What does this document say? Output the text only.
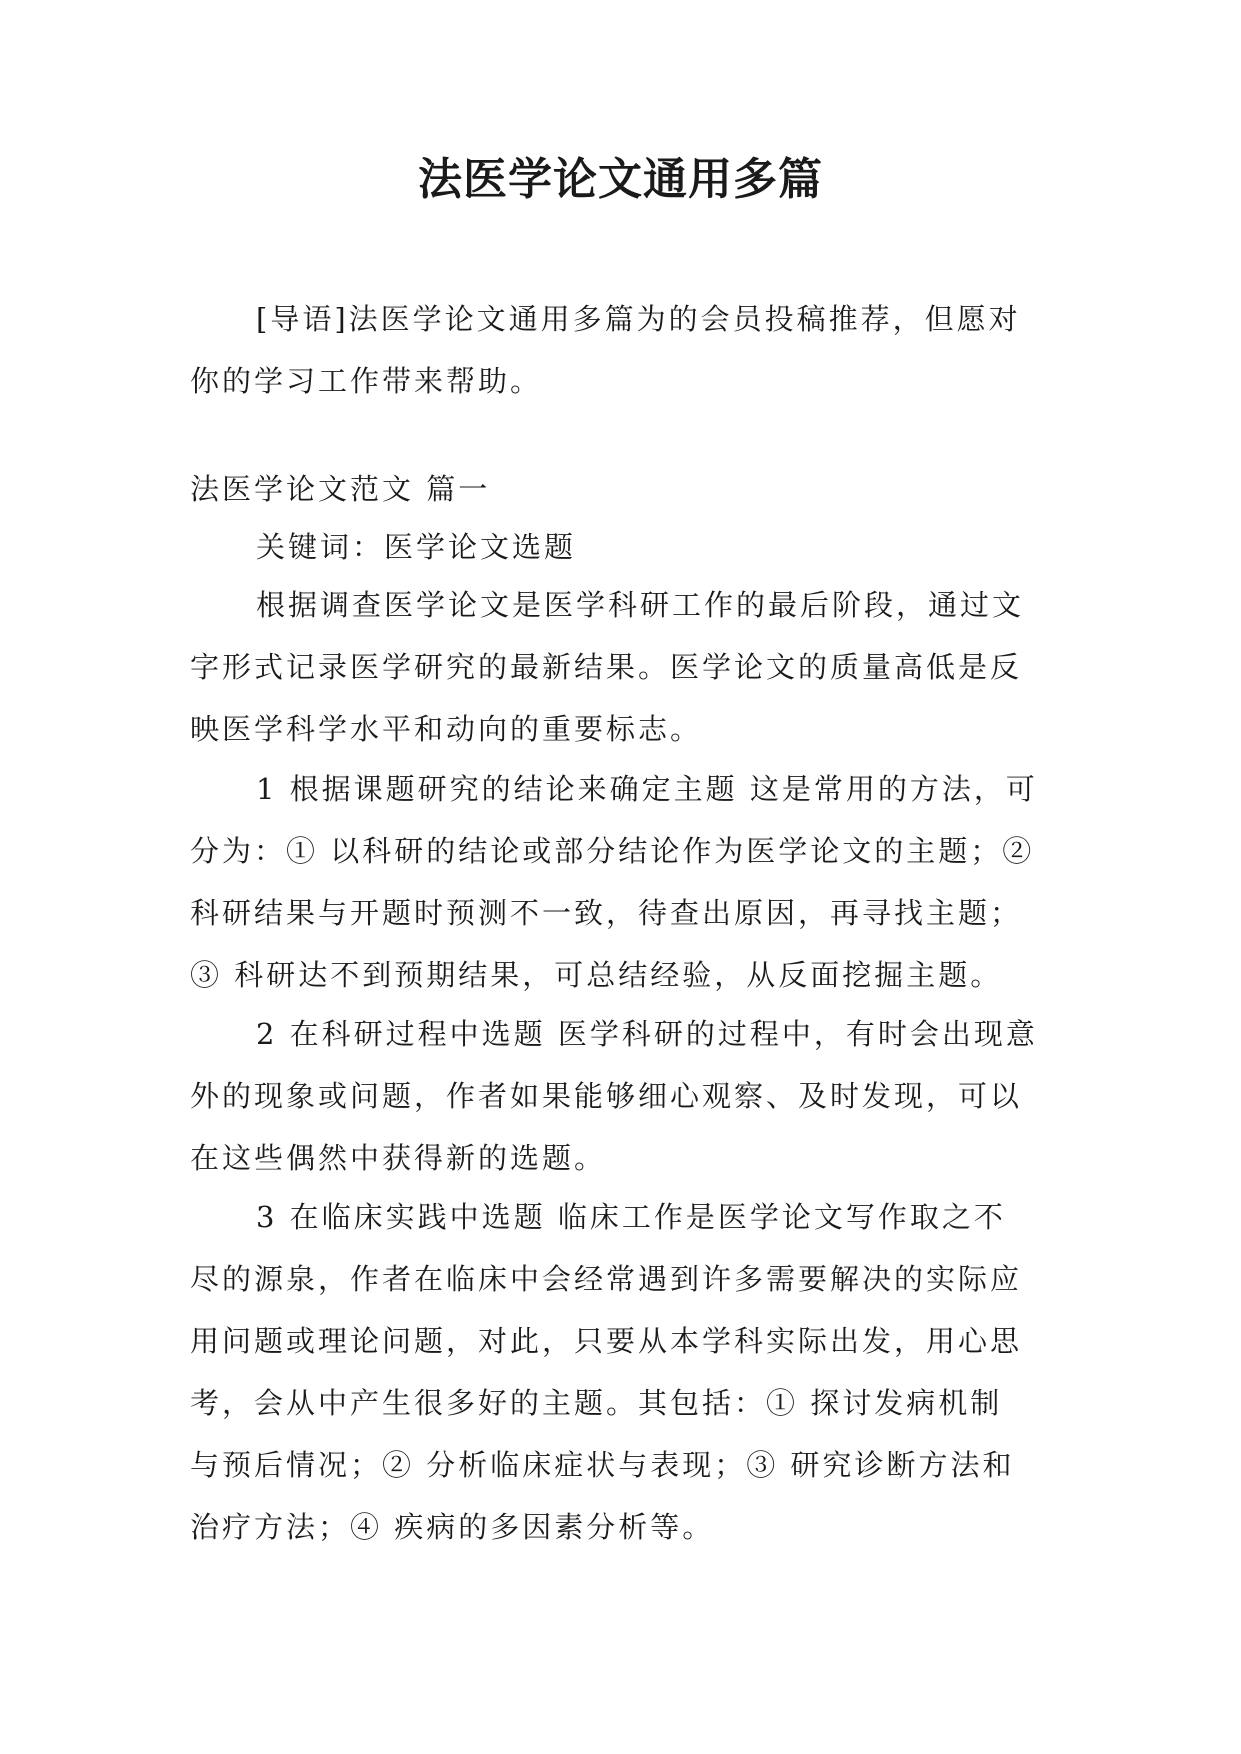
法医学论文通用多篇
[导语]法医学论文通用多篇为的会员投稿推荐，但愿对
你的学习工作带来帮助。
法医学论文范文 篇一
关键词：医学论文选题
根据调查医学论文是医学科研工作的最后阶段，通过文
字形式记录医学研究的最新结果。医学论文的质量高低是反
映医学科学水平和动向的重要标志。
1 根据课题研究的结论来确定主题 这是常用的方法，可
分为：① 以科研的结论或部分结论作为医学论文的主题；②
科研结果与开题时预测不一致，待查出原因，再寻找主题；
③ 科研达不到预期结果，可总结经验，从反面挖掘主题。
2 在科研过程中选题 医学科研的过程中，有时会出现意
外的现象或问题，作者如果能够细心观察、及时发现，可以
在这些偶然中获得新的选题。
3 在临床实践中选题 临床工作是医学论文写作取之不
尽的源泉，作者在临床中会经常遇到许多需要解决的实际应
用问题或理论问题，对此，只要从本学科实际出发，用心思
考，会从中产生很多好的主题。其包括：① 探讨发病机制
与预后情况；② 分析临床症状与表现；③ 研究诊断方法和
治疗方法；④ 疾病的多因素分析等。
